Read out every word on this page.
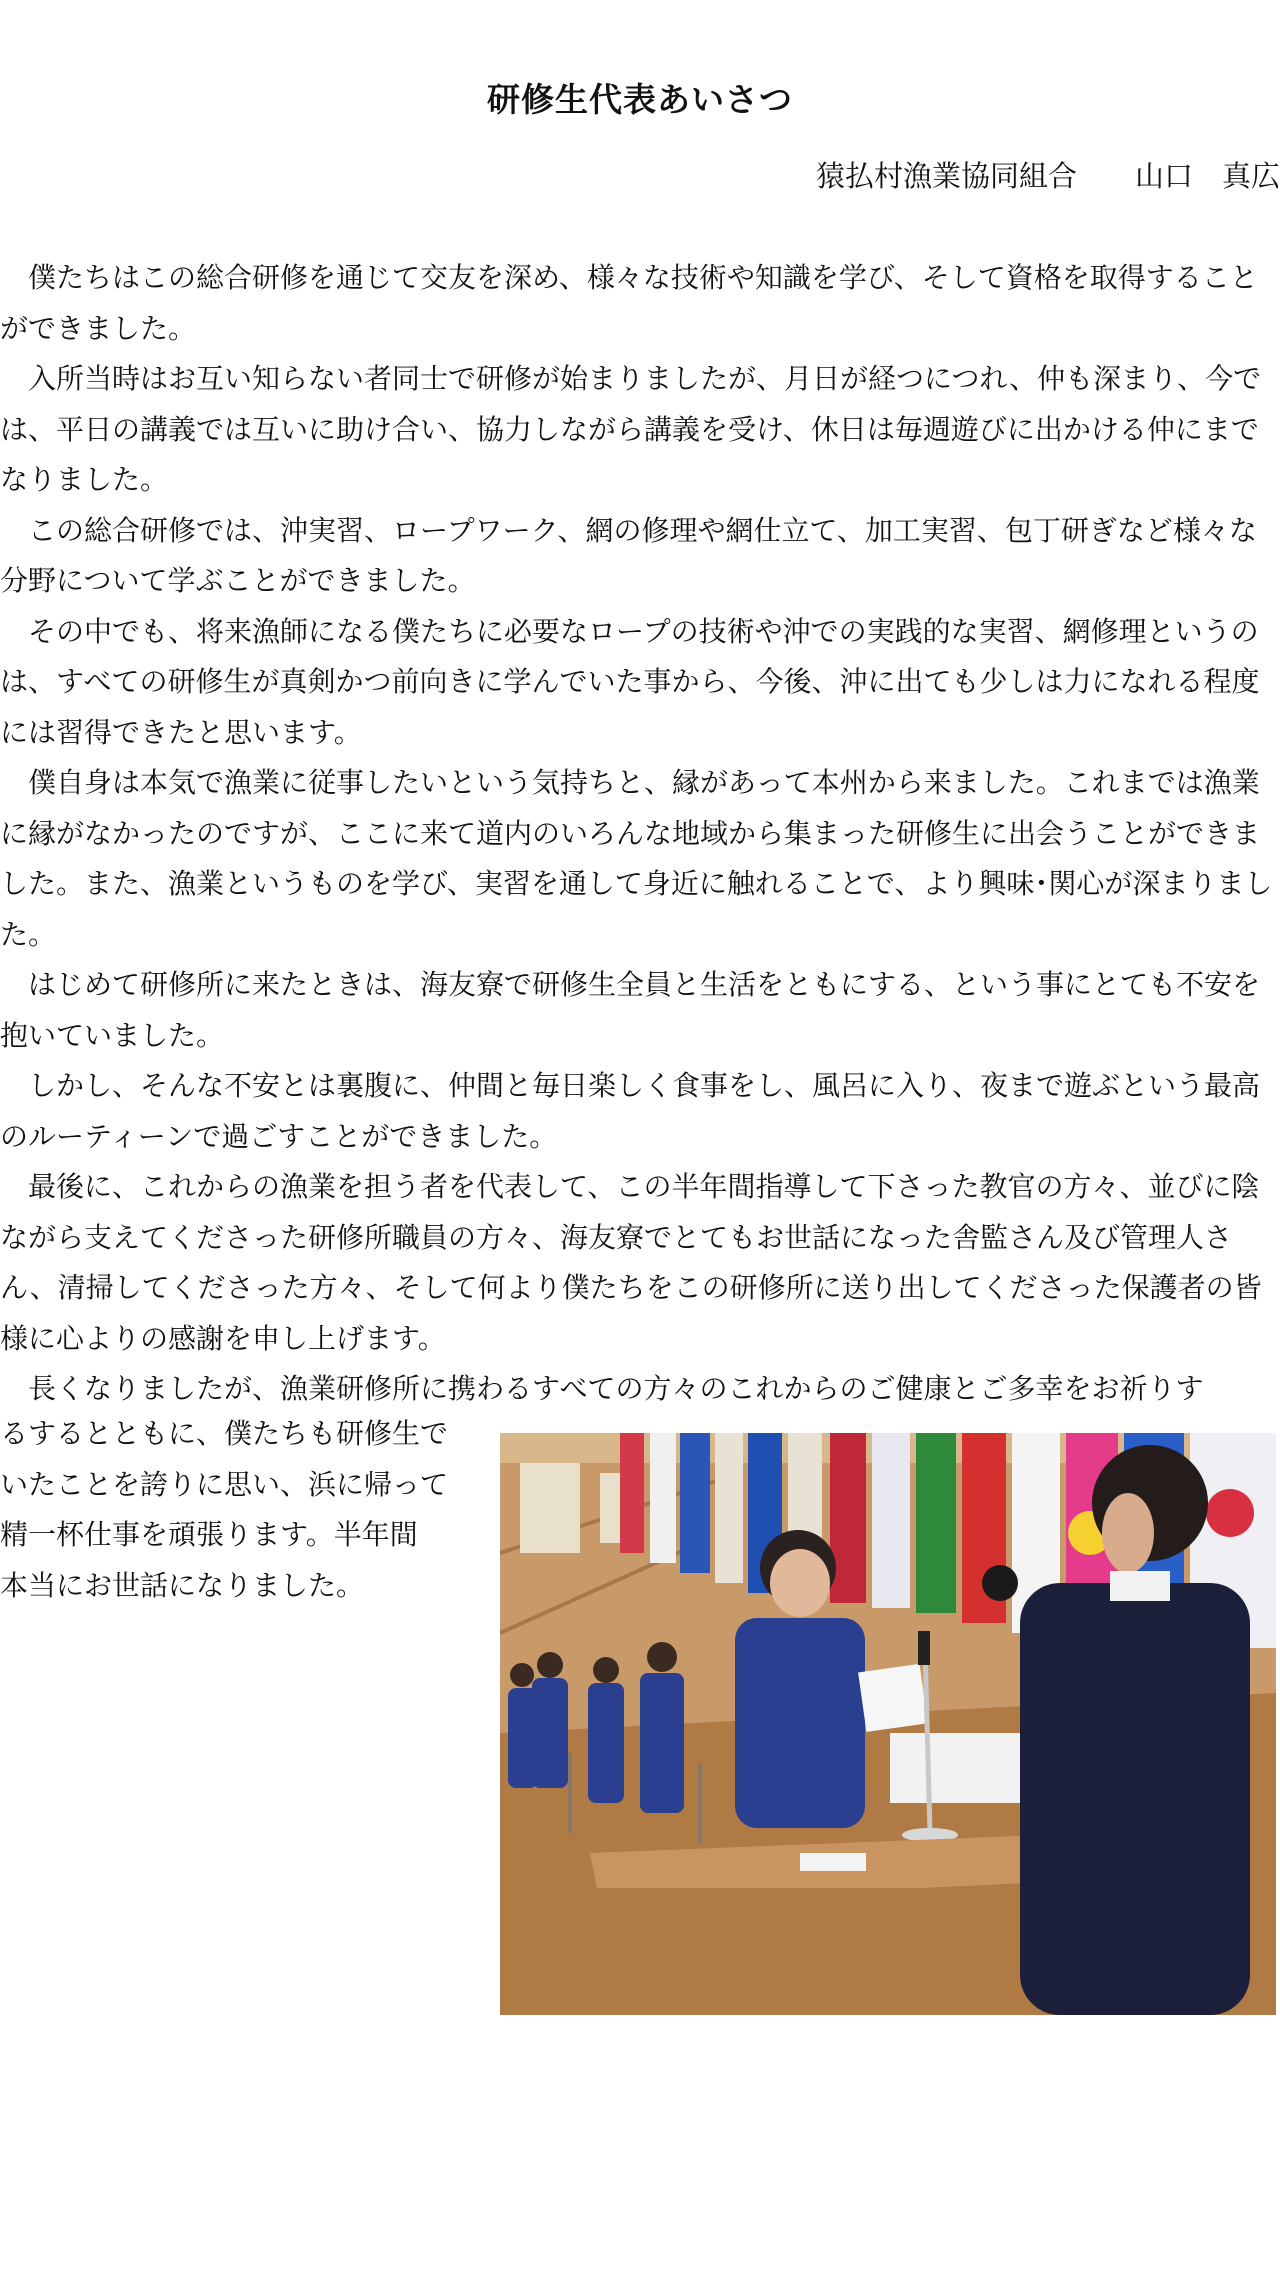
研修生代表あいさつ
猿払村漁業協同組合　　山口　真広

僕たちはこの総合研修を通じて交友を深め、様々な技術や知識を学び、そして資格を取得することができました。

入所当時はお互い知らない者同士で研修が始まりましたが、月日が経つにつれ、仲も深まり、今では、平日の講義では互いに助け合い、協力しながら講義を受け、休日は毎週遊びに出かける仲にまでなりました。

この総合研修では、沖実習、ロープワーク、網の修理や網仕立て、加工実習、包丁研ぎなど様々な分野について学ぶことができました。

その中でも、将来漁師になる僕たちに必要なロープの技術や沖での実践的な実習、網修理というのは、すべての研修生が真剣かつ前向きに学んでいた事から、今後、沖に出ても少しは力になれる程度には習得できたと思います。

僕自身は本気で漁業に従事したいという気持ちと、縁があって本州から来ました。これまでは漁業に縁がなかったのですが、ここに来て道内のいろんな地域から集まった研修生に出会うことができました。また、漁業というものを学び、実習を通して身近に触れることで、より興味･関心が深まりました。

はじめて研修所に来たときは、海友寮で研修生全員と生活をともにする、という事にとても不安を抱いていました。

しかし、そんな不安とは裏腹に、仲間と毎日楽しく食事をし、風呂に入り、夜まで遊ぶという最高のルーティーンで過ごすことができました。

最後に、これからの漁業を担う者を代表して、この半年間指導して下さった教官の方々、並びに陰ながら支えてくださった研修所職員の方々、海友寮でとてもお世話になった舎監さん及び管理人さん、清掃してくださった方々、そして何より僕たちをこの研修所に送り出してくださった保護者の皆様に心よりの感謝を申し上げます。

長くなりましたが、漁業研修所に携わるすべての方々のこれからのご健康とご多幸をお祈りす

るするとともに、僕たちも研修生で
いたことを誇りに思い、浜に帰って
精一杯仕事を頑張ります。半年間
本当にお世話になりました。
